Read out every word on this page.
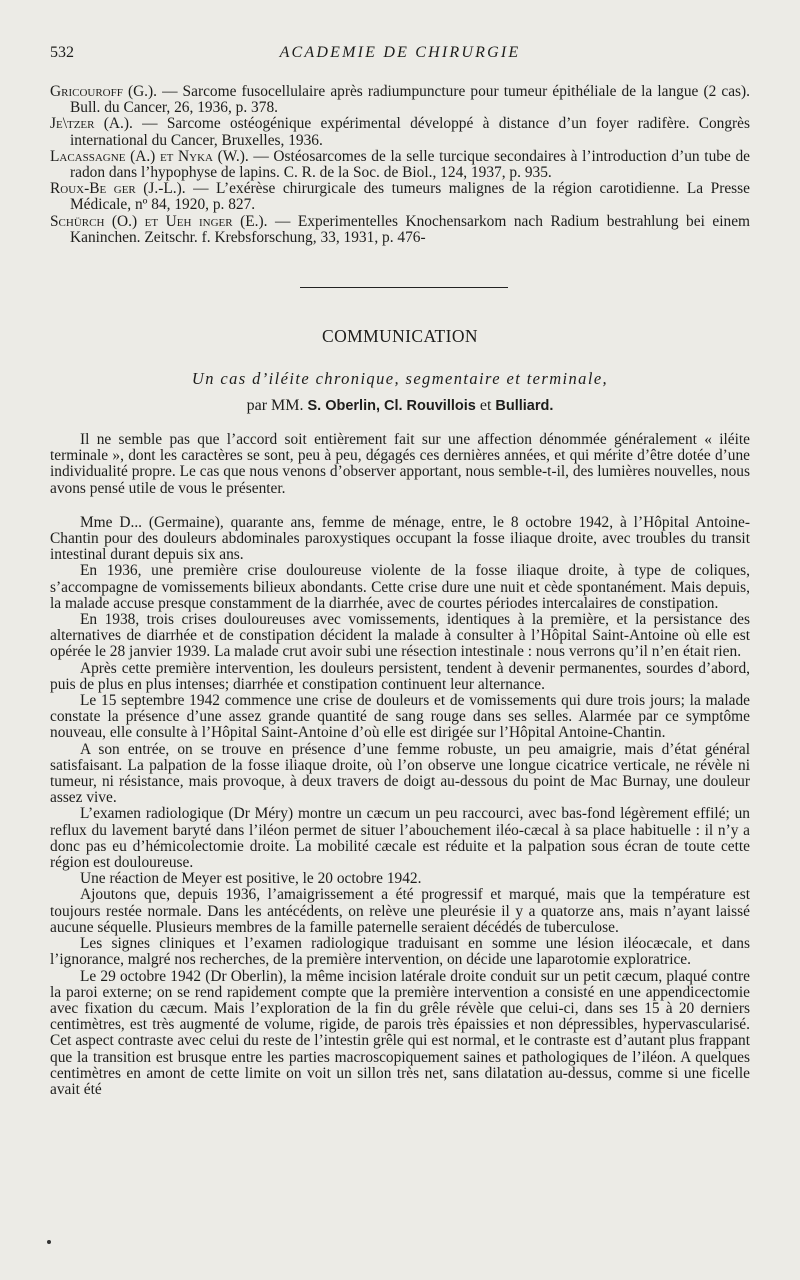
532	ACADEMIE DE CHIRURGIE

Gricouroff (G.). — Sarcome fusocellulaire après radiumpuncture pour tumeur épithéliale de la langue (2 cas). Bull. du Cancer, 26, 1936, p. 378.

Je\tzer (A.). — Sarcome ostéogénique expérimental développé à distance d’un foyer radifère. Congrès international du Cancer, Bruxelles, 1936.

Lacassagne (A.) et Nyka (W.). — Ostéosarcomes de la selle turcique secondaires à l’introduction d’un tube de radon dans l’hypophyse de lapins. C. R. de la Soc. de Biol., 124, 1937, p. 935.

Roux-Be ger (J.-L.). — L’exérèse chirurgicale des tumeurs malignes de la région carotidienne. La Presse Médicale, nº 84, 1920, p. 827.

Schürch (O.) et Ueh inger (E.). — Experimentelles Knochensarkom nach Radium bestrahlung bei einem Kaninchen. Zeitschr. f. Krebsforschung, 33, 1931, p. 476-

COMMUNICATION
Un cas d’iléite chronique, segmentaire et terminale,
par MM. S. Oberlin, Cl. Rouvillois et Bulliard.

Il ne semble pas que l’accord soit entièrement fait sur une affection dénommée généralement « iléite terminale », dont les caractères se sont, peu à peu, dégagés ces dernières années, et qui mérite d’être dotée d’une individualité propre. Le cas que nous venons d’observer apportant, nous semble-t-il, des lumières nouvelles, nous avons pensé utile de vous le présenter.

Mme D... (Germaine), quarante ans, femme de ménage, entre, le 8 octobre 1942, à l’Hôpital Antoine-Chantin pour des douleurs abdominales paroxystiques occupant la fosse iliaque droite, avec troubles du transit intestinal durant depuis six ans.

En 1936, une première crise douloureuse violente de la fosse iliaque droite, à type de coliques, s’accompagne de vomissements bilieux abondants. Cette crise dure une nuit et cède spontanément. Mais depuis, la malade accuse presque constamment de la diarrhée, avec de courtes périodes intercalaires de constipation.

En 1938, trois crises douloureuses avec vomissements, identiques à la première, et la persistance des alternatives de diarrhée et de constipation décident la malade à consulter à l’Hôpital Saint-Antoine où elle est opérée le 28 janvier 1939. La malade crut avoir subi une résection intestinale : nous verrons qu’il n’en était rien.

Après cette première intervention, les douleurs persistent, tendent à devenir permanentes, sourdes d’abord, puis de plus en plus intenses; diarrhée et constipation continuent leur alternance.

Le 15 septembre 1942 commence une crise de douleurs et de vomissements qui dure trois jours; la malade constate la présence d’une assez grande quantité de sang rouge dans ses selles. Alarmée par ce symptôme nouveau, elle consulte à l’Hôpital Saint-Antoine d’où elle est dirigée sur l’Hôpital Antoine-Chantin.

A son entrée, on se trouve en présence d’une femme robuste, un peu amaigrie, mais d’état général satisfaisant. La palpation de la fosse iliaque droite, où l’on observe une longue cicatrice verticale, ne révèle ni tumeur, ni résistance, mais provoque, à deux travers de doigt au-dessous du point de Mac Burnay, une douleur assez vive.

L’examen radiologique (Dr Méry) montre un cæcum un peu raccourci, avec bas-fond légèrement effilé; un reflux du lavement baryté dans l’iléon permet de situer l’abouchement iléo-cæcal à sa place habituelle : il n’y a donc pas eu d’hémicolectomie droite. La mobilité cæcale est réduite et la palpation sous écran de toute cette région est douloureuse.

Une réaction de Meyer est positive, le 20 octobre 1942.

Ajoutons que, depuis 1936, l’amaigrissement a été progressif et marqué, mais que la température est toujours restée normale. Dans les antécédents, on relève une pleurésie il y a quatorze ans, mais n’ayant laissé aucune séquelle. Plusieurs membres de la famille paternelle seraient décédés de tuberculose.

Les signes cliniques et l’examen radiologique traduisant en somme une lésion iléocæcale, et dans l’ignorance, malgré nos recherches, de la première intervention, on décide une laparotomie exploratrice.

Le 29 octobre 1942 (Dr Oberlin), la même incision latérale droite conduit sur un petit cæcum, plaqué contre la paroi externe; on se rend rapidement compte que la première intervention a consisté en une appendicectomie avec fixation du cæcum. Mais l’exploration de la fin du grêle révèle que celui-ci, dans ses 15 à 20 derniers centimètres, est très augmenté de volume, rigide, de parois très épaissies et non dépressibles, hypervascularisé. Cet aspect contraste avec celui du reste de l’intestin grêle qui est normal, et le contraste est d’autant plus frappant que la transition est brusque entre les parties macroscopiquement saines et pathologiques de l’iléon. A quelques centimètres en amont de cette limite on voit un sillon très net, sans dilatation au-dessus, comme si une ficelle avait été
